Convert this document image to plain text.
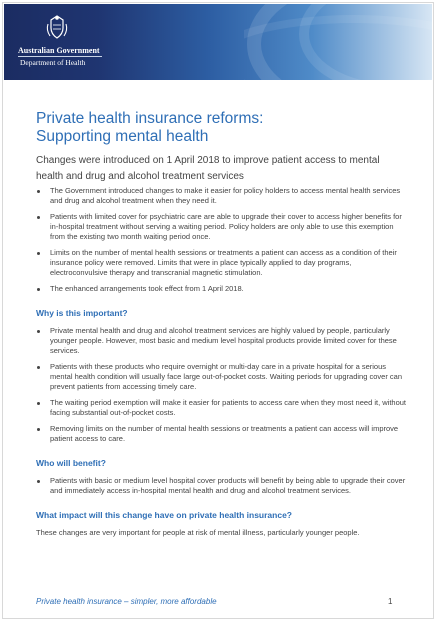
Australian Government
Department of Health
Private health insurance reforms:
Supporting mental health
Changes were introduced on 1 April 2018 to improve patient access to mental health and drug and alcohol treatment services
The Government introduced changes to make it easier for policy holders to access mental health services and drug and alcohol treatment when they need it.
Patients with limited cover for psychiatric care are able to upgrade their cover to access higher benefits for in-hospital treatment without serving a waiting period. Policy holders are only able to use this exemption from the existing two month waiting period once.
Limits on the number of mental health sessions or treatments a patient can access as a condition of their insurance policy were removed. Limits that were in place typically applied to day programs, electroconvulsive therapy and transcranial magnetic stimulation.
The enhanced arrangements took effect from 1 April 2018.
Why is this important?
Private mental health and drug and alcohol treatment services are highly valued by people, particularly younger people. However, most basic and medium level hospital products provide limited cover for these services.
Patients with these products who require overnight or multi-day care in a private hospital for a serious mental health condition will usually face large out-of-pocket costs. Waiting periods for upgrading cover can prevent patients from accessing timely care.
The waiting period exemption will make it easier for patients to access care when they most need it, without facing substantial out-of-pocket costs.
Removing limits on the number of mental health sessions or treatments a patient can access will improve patient access to care.
Who will benefit?
Patients with basic or medium level hospital cover products will benefit by being able to upgrade their cover and immediately access in-hospital mental health and drug and alcohol treatment services.
What impact will this change have on private health insurance?

These changes are very important for people at risk of mental illness, particularly younger people.

Private health insurance – simpler, more affordable	1
